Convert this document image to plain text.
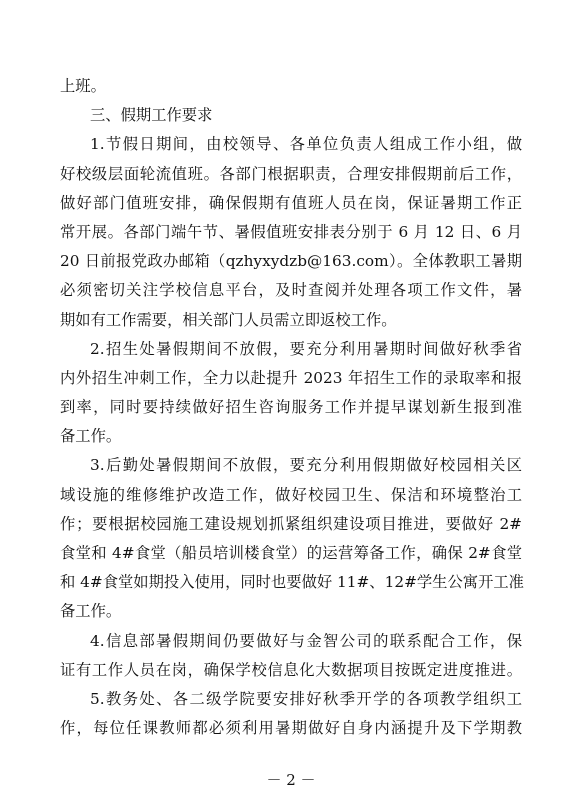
上班。
三、假期工作要求
1.节假日期间，由校领导、各单位负责人组成工作小组，做
好校级层面轮流值班。各部门根据职责，合理安排假期前后工作，
做好部门值班安排，确保假期有值班人员在岗，保证暑期工作正
常开展。各部门端午节、暑假值班安排表分别于 6 月 12 日、6 月
20 日前报党政办邮箱（qzhyxydzb@163.com）。全体教职工暑期
必须密切关注学校信息平台，及时查阅并处理各项工作文件，暑
期如有工作需要，相关部门人员需立即返校工作。
2.招生处暑假期间不放假，要充分利用暑期时间做好秋季省
内外招生冲刺工作，全力以赴提升 2023 年招生工作的录取率和报
到率，同时要持续做好招生咨询服务工作并提早谋划新生报到准
备工作。
3.后勤处暑假期间不放假，要充分利用假期做好校园相关区
域设施的维修维护改造工作，做好校园卫生、保洁和环境整治工
作；要根据校园施工建设规划抓紧组织建设项目推进，要做好 2#
食堂和 4#食堂（船员培训楼食堂）的运营筹备工作，确保 2#食堂
和 4#食堂如期投入使用，同时也要做好 11#、12#学生公寓开工准
备工作。
4.信息部暑假期间仍要做好与金智公司的联系配合工作，保
证有工作人员在岗，确保学校信息化大数据项目按既定进度推进。
5.教务处、各二级学院要安排好秋季开学的各项教学组织工
作，每位任课教师都必须利用暑期做好自身内涵提升及下学期教
－ 2 －
